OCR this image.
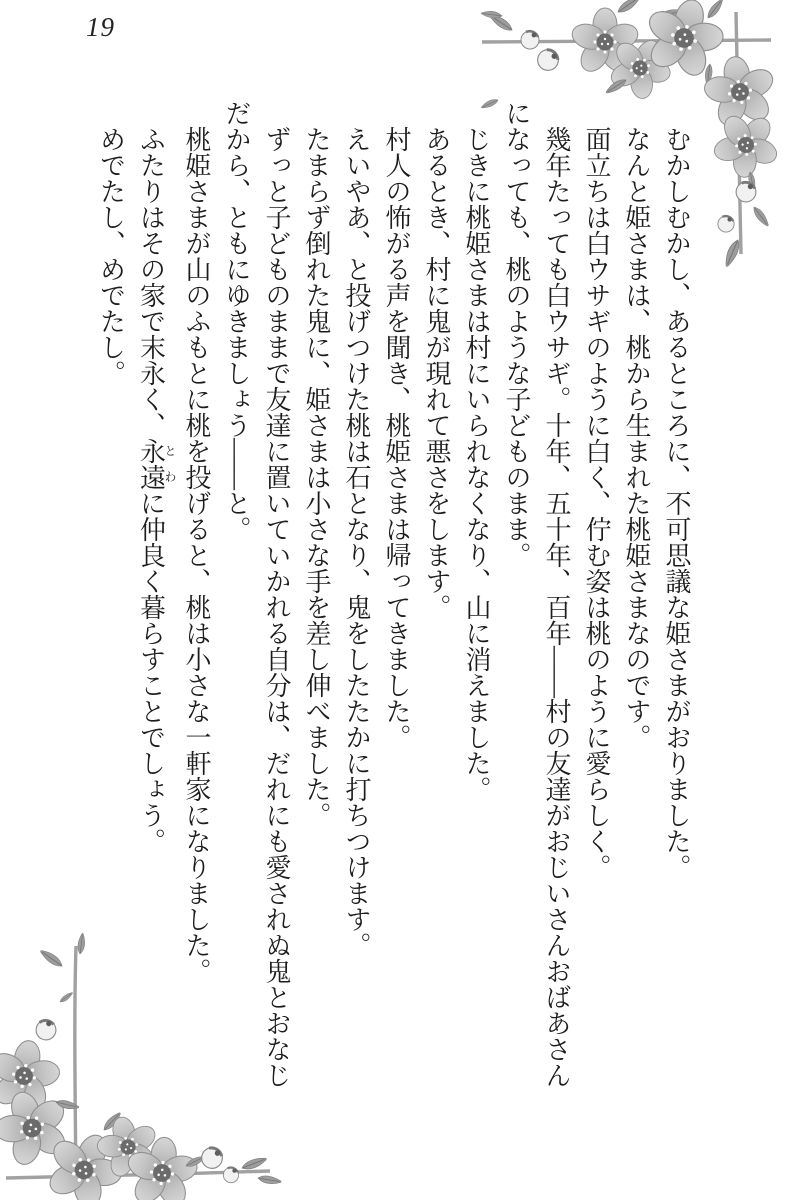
19

むかしむかし、あるところに、不可思議な姫さまがおりました。

なんと姫さまは、桃から生まれた桃姫さまなのです。

面立ちは白ウサギのように白く、佇む姿は桃のように愛らしく。

幾年たっても白ウサギ。十年、五十年、百年――村の友達がおじいさんおばあさんになっても、桃のような子どものまま。

じきに桃姫さまは村にいられなくなり、山に消えました。

あるとき、村に鬼が現れて悪さをします。

村人の怖がる声を聞き、桃姫さまは帰ってきました。

えいやあ、と投げつけた桃は石となり、鬼をしたたかに打ちつけます。

たまらず倒れた鬼に、姫さまは小さな手を差し伸べました。

ずっと子どものままで友達に置いていかれる自分は、だれにも愛されぬ鬼とおなじだから、ともにゆきましょう――と。

桃姫さまが山のふもとに桃を投げると、桃は小さな一軒家になりました。

ふたりはその家で末永く、永遠とわに仲良く暮らすことでしょう。

めでたし、めでたし。
